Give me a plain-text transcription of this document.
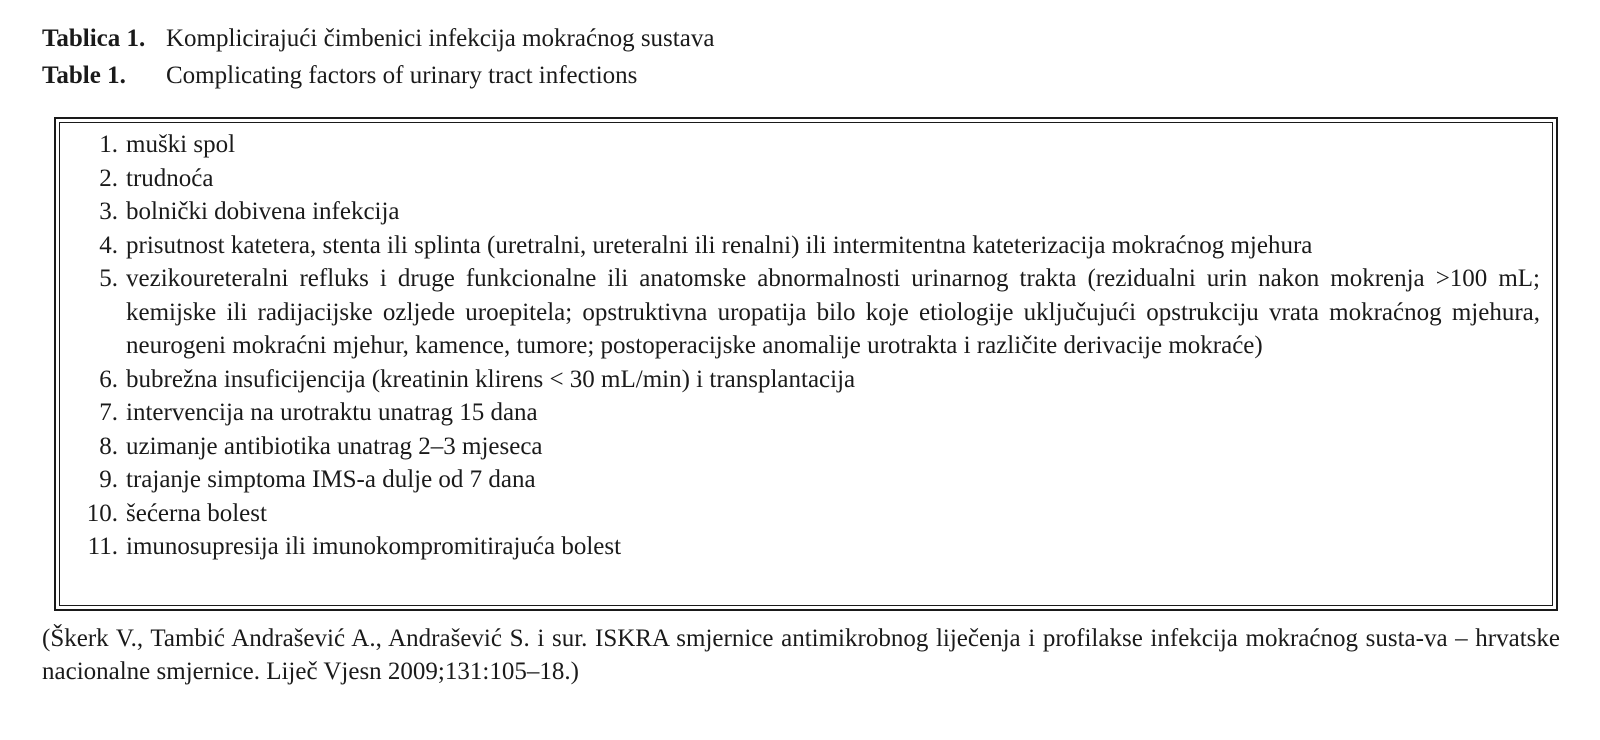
Tablica 1. Komplicirajući čimbenici infekcija mokraćnog sustava
Table 1. Complicating factors of urinary tract infections
1. muški spol
2. trudnoća
3. bolnički dobivena infekcija
4. prisutnost katetera, stenta ili splinta (uretralni, ureteralni ili renalni) ili intermitentna kateterizacija mokraćnog mjehura
5. vezikoureteralni refluks i druge funkcionalne ili anatomske abnormalnosti urinarnog trakta (rezidualni urin nakon mokrenja >100 mL; kemijske ili radijacijske ozljede uroepitela; opstruktivna uropatija bilo koje etiologije uključujući opstrukciju vrata mokraćnog mjehura, neurogeni mokraćni mjehur, kamence, tumore; postoperacijske anomalije urotrakta i različite derivacije mokraće)
6. bubrežna insuficijencija (kreatinin klirens < 30 mL/min) i transplantacija
7. intervencija na urotraktu unatrag 15 dana
8. uzimanje antibiotika unatrag 2–3 mjeseca
9. trajanje simptoma IMS-a dulje od 7 dana
10. šećerna bolest
11. imunosupresija ili imunokompromitirajuća bolest
(Škerk V., Tambić Andrašević A., Andrašević S. i sur. ISKRA smjernice antimikrobnog liječenja i profilakse infekcija mokraćnog susta-va – hrvatske nacionalne smjernice. Liječ Vjesn 2009;131:105–18.)
